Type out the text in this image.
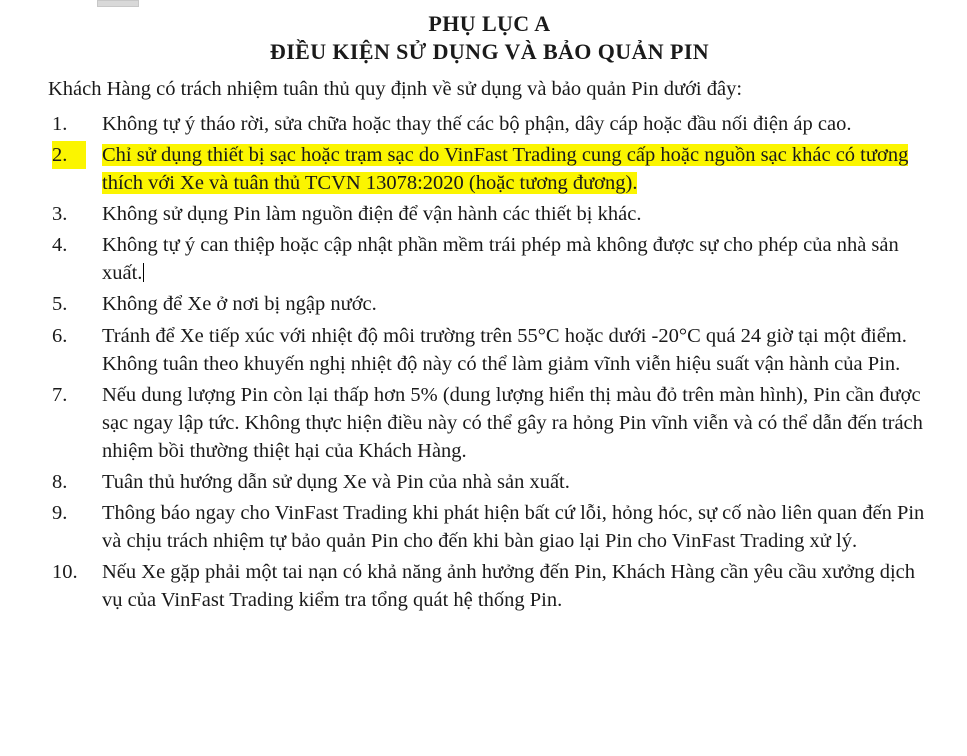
PHỤ LỤC A
ĐIỀU KIỆN SỬ DỤNG VÀ BẢO QUẢN PIN

Khách Hàng có trách nhiệm tuân thủ quy định về sử dụng và bảo quản Pin dưới đây:

1.	Không tự ý tháo rời, sửa chữa hoặc thay thế các bộ phận, dây cáp hoặc đầu nối điện áp cao.
2.	Chỉ sử dụng thiết bị sạc hoặc trạm sạc do VinFast Trading cung cấp hoặc nguồn sạc khác có tương thích với Xe và tuân thủ TCVN 13078:2020 (hoặc tương đương).
3.	Không sử dụng Pin làm nguồn điện để vận hành các thiết bị khác.
4.	Không tự ý can thiệp hoặc cập nhật phần mềm trái phép mà không được sự cho phép của nhà sản xuất.
5.	Không để Xe ở nơi bị ngập nước.
6.	Tránh để Xe tiếp xúc với nhiệt độ môi trường trên 55°C hoặc dưới -20°C quá 24 giờ tại một điểm. Không tuân theo khuyến nghị nhiệt độ này có thể làm giảm vĩnh viễn hiệu suất vận hành của Pin.
7.	Nếu dung lượng Pin còn lại thấp hơn 5% (dung lượng hiển thị màu đỏ trên màn hình), Pin cần được sạc ngay lập tức. Không thực hiện điều này có thể gây ra hỏng Pin vĩnh viễn và có thể dẫn đến trách nhiệm bồi thường thiệt hại của Khách Hàng.
8.	Tuân thủ hướng dẫn sử dụng Xe và Pin của nhà sản xuất.
9.	Thông báo ngay cho VinFast Trading khi phát hiện bất cứ lỗi, hỏng hóc, sự cố nào liên quan đến Pin và chịu trách nhiệm tự bảo quản Pin cho đến khi bàn giao lại Pin cho VinFast Trading xử lý.
10.	Nếu Xe gặp phải một tai nạn có khả năng ảnh hưởng đến Pin, Khách Hàng cần yêu cầu xưởng dịch vụ của VinFast Trading kiểm tra tổng quát hệ thống Pin.
